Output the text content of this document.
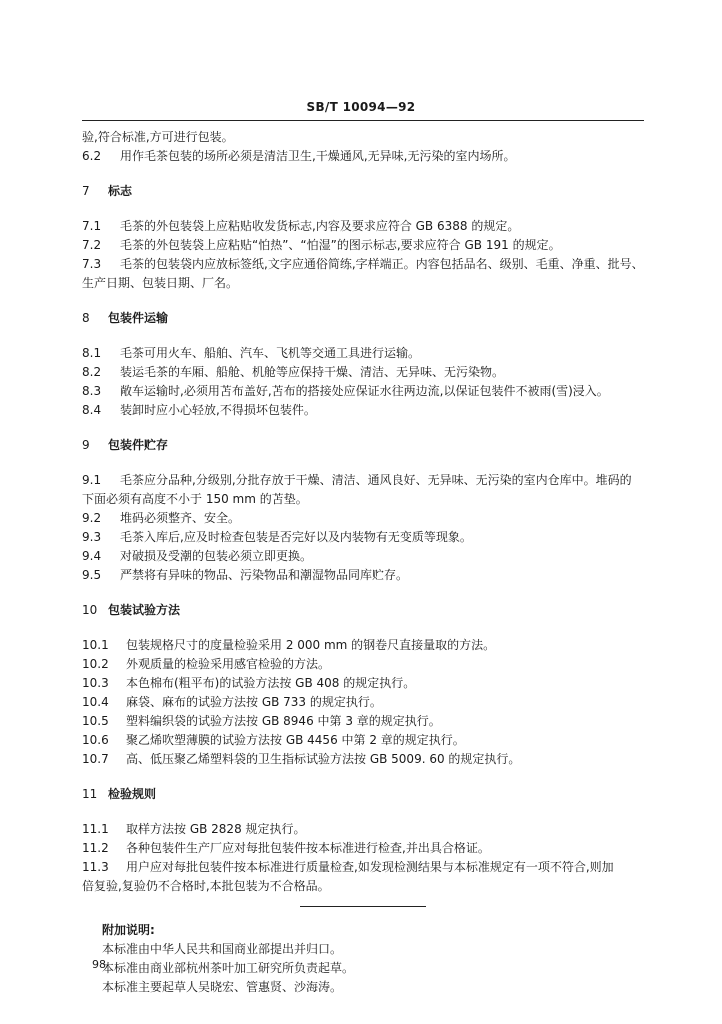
SB/T 10094—92
验,符合标准,方可进行包装。
6.2	用作毛茶包装的场所必须是清洁卫生,干燥通风,无异味,无污染的室内场所。
7	标志
7.1	毛茶的外包装袋上应粘贴收发货标志,内容及要求应符合 GB 6388 的规定。
7.2	毛茶的外包装袋上应粘贴“怕热”、“怕湿”的图示标志,要求应符合 GB 191 的规定。
7.3	毛茶的包装袋内应放标签纸,文字应通俗简练,字样端正。内容包括品名、级别、毛重、净重、批号、
生产日期、包装日期、厂名。
8	包装件运输
8.1	毛茶可用火车、船舶、汽车、飞机等交通工具进行运输。
8.2	装运毛茶的车厢、船舱、机舱等应保持干燥、清洁、无异味、无污染物。
8.3	敞车运输时,必须用苫布盖好,苫布的搭接处应保证水往两边流,以保证包装件不被雨(雪)浸入。
8.4	装卸时应小心轻放,不得损坏包装件。
9	包装件贮存
9.1	毛茶应分品种,分级别,分批存放于干燥、清洁、通风良好、无异味、无污染的室内仓库中。堆码的
下面必须有高度不小于 150 mm 的苫垫。
9.2	堆码必须整齐、安全。
9.3	毛茶入库后,应及时检查包装是否完好以及内装物有无变质等现象。
9.4	对破损及受潮的包装必须立即更换。
9.5	严禁将有异味的物品、污染物品和潮湿物品同库贮存。
10 包装试验方法
10.1	包装规格尺寸的度量检验采用 2 000 mm 的钢卷尺直接量取的方法。
10.2	外观质量的检验采用感官检验的方法。
10.3	本色棉布(粗平布)的试验方法按 GB 408 的规定执行。
10.4	麻袋、麻布的试验方法按 GB 733 的规定执行。
10.5	塑料编织袋的试验方法按 GB 8946 中第 3 章的规定执行。
10.6	聚乙烯吹塑薄膜的试验方法按 GB 4456 中第 2 章的规定执行。
10.7	高、低压聚乙烯塑料袋的卫生指标试验方法按 GB 5009. 60 的规定执行。
11 检验规则
11.1	取样方法按 GB 2828 规定执行。
11.2	各种包装件生产厂应对每批包装件按本标准进行检查,并出具合格证。
11.3	用户应对每批包装件按本标准进行质量检查,如发现检测结果与本标准规定有一项不符合,则加
倍复验,复验仍不合格时,本批包装为不合格品。
附加说明:
本标准由中华人民共和国商业部提出并归口。
本标准由商业部杭州茶叶加工研究所负责起草。
本标准主要起草人吴晓宏、管惠贤、沙海涛。
98
